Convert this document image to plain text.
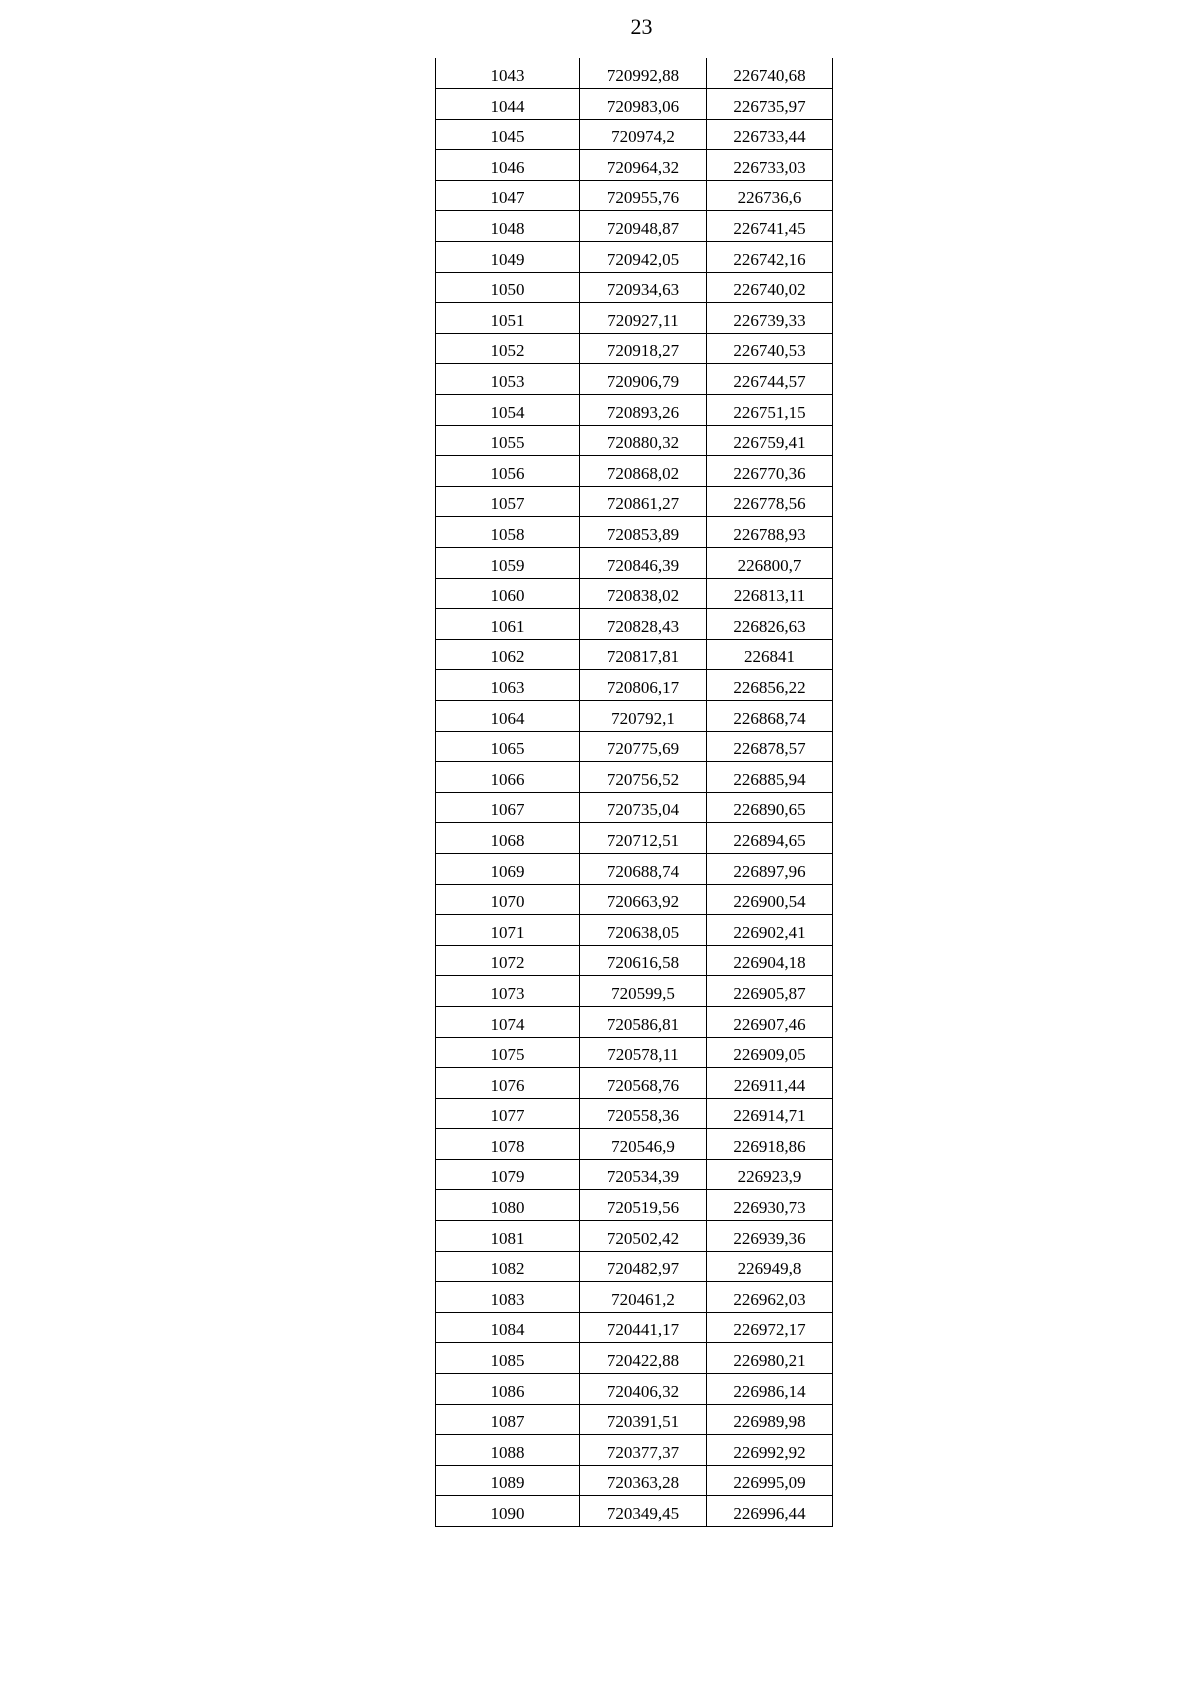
23
1043	720992,88	226740,68
1044	720983,06	226735,97
1045	720974,2	226733,44
1046	720964,32	226733,03
1047	720955,76	226736,6
1048	720948,87	226741,45
1049	720942,05	226742,16
1050	720934,63	226740,02
1051	720927,11	226739,33
1052	720918,27	226740,53
1053	720906,79	226744,57
1054	720893,26	226751,15
1055	720880,32	226759,41
1056	720868,02	226770,36
1057	720861,27	226778,56
1058	720853,89	226788,93
1059	720846,39	226800,7
1060	720838,02	226813,11
1061	720828,43	226826,63
1062	720817,81	226841
1063	720806,17	226856,22
1064	720792,1	226868,74
1065	720775,69	226878,57
1066	720756,52	226885,94
1067	720735,04	226890,65
1068	720712,51	226894,65
1069	720688,74	226897,96
1070	720663,92	226900,54
1071	720638,05	226902,41
1072	720616,58	226904,18
1073	720599,5	226905,87
1074	720586,81	226907,46
1075	720578,11	226909,05
1076	720568,76	226911,44
1077	720558,36	226914,71
1078	720546,9	226918,86
1079	720534,39	226923,9
1080	720519,56	226930,73
1081	720502,42	226939,36
1082	720482,97	226949,8
1083	720461,2	226962,03
1084	720441,17	226972,17
1085	720422,88	226980,21
1086	720406,32	226986,14
1087	720391,51	226989,98
1088	720377,37	226992,92
1089	720363,28	226995,09
1090	720349,45	226996,44
